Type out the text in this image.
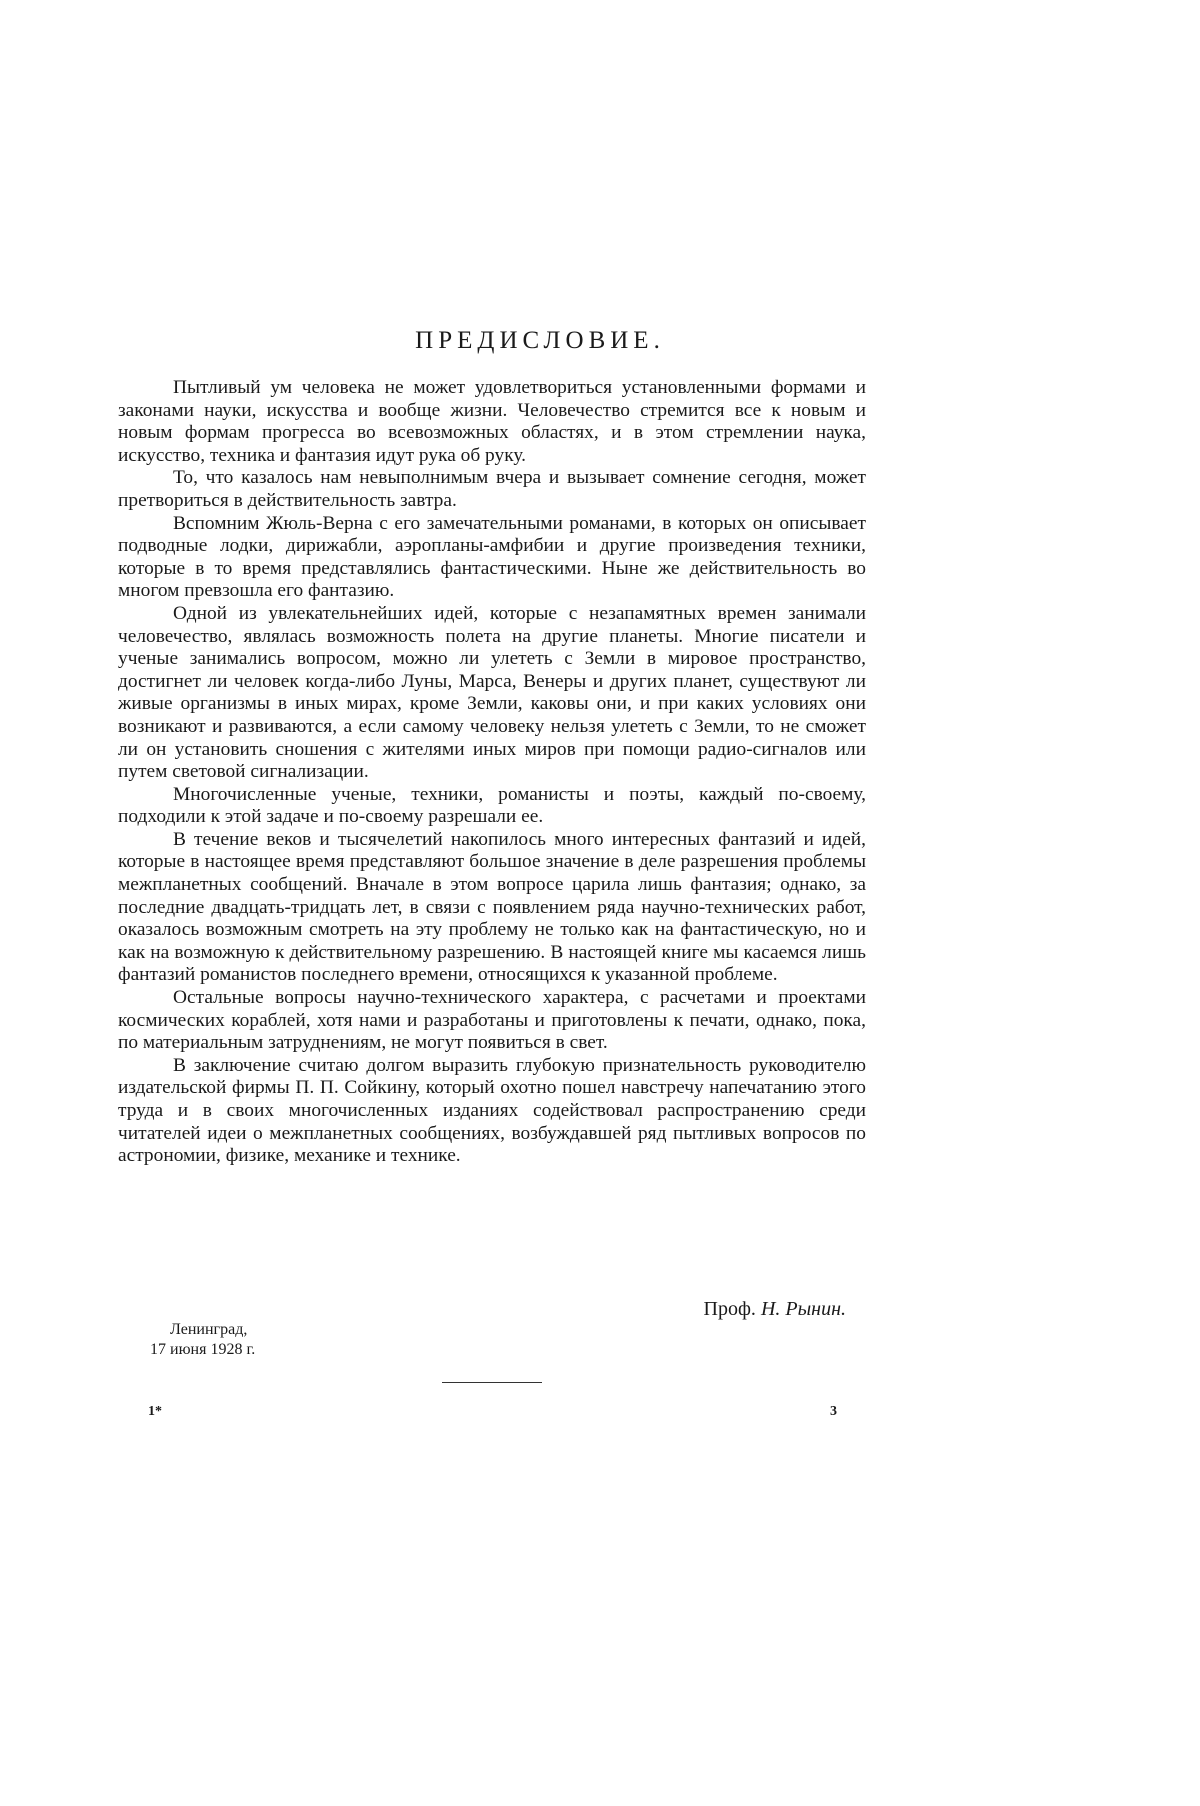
ПРЕДИСЛОВИЕ.

Пытливый ум человека не может удовлетвориться установленными формами и законами науки, искусства и вообще жизни. Человечество стремится все к новым и новым формам прогресса во всевозможных областях, и в этом стремлении наука, искусство, техника и фантазия идут рука об руку.

То, что казалось нам невыполнимым вчера и вызывает сомнение сегодня, может претвориться в действительность завтра.

Вспомним Жюль-Верна с его замечательными романами, в которых он описывает подводные лодки, дирижабли, аэропланы-амфибии и другие произведения техники, которые в то время представлялись фантастическими. Ныне же действительность во многом превзошла его фантазию.

Одной из увлекательнейших идей, которые с незапамятных времен занимали человечество, являлась возможность полета на другие планеты. Многие писатели и ученые занимались вопросом, можно ли улететь с Земли в мировое пространство, достигнет ли человек когда-либо Луны, Марса, Венеры и других планет, существуют ли живые организмы в иных мирах, кроме Земли, каковы они, и при каких условиях они возникают и развиваются, а если самому человеку нельзя улететь с Земли, то не сможет ли он установить сношения с жителями иных миров при помощи радио-сигналов или путем световой сигнализации.

Многочисленные ученые, техники, романисты и поэты, каждый по-своему, подходили к этой задаче и по-своему разрешали ее.

В течение веков и тысячелетий накопилось много интересных фантазий и идей, которые в настоящее время представляют большое значение в деле разрешения проблемы межпланетных сообщений. Вначале в этом вопросе царила лишь фантазия; однако, за последние двадцать-тридцать лет, в связи с появлением ряда научно-технических работ, оказалось возможным смотреть на эту проблему не только как на фантастическую, но и как на возможную к действительному разрешению. В настоящей книге мы касаемся лишь фантазий романистов последнего времени, относящихся к указанной проблеме.

Остальные вопросы научно-технического характера, с расчетами и проектами космических кораблей, хотя нами и разработаны и приготовлены к печати, однако, пока, по материальным затруднениям, не могут появиться в свет.

В заключение считаю долгом выразить глубокую признательность руководителю издательской фирмы П. П. Сойкину, который охотно пошел навстречу напечатанию этого труда и в своих многочисленных изданиях содействовал распространению среди читателей идеи о межпланетных сообщениях, возбуждавшей ряд пытливых вопросов по астрономии, физике, механике и технике.

Проф. Н. Рынин.
Ленинград,
17 июня 1928 г.
1*	3
